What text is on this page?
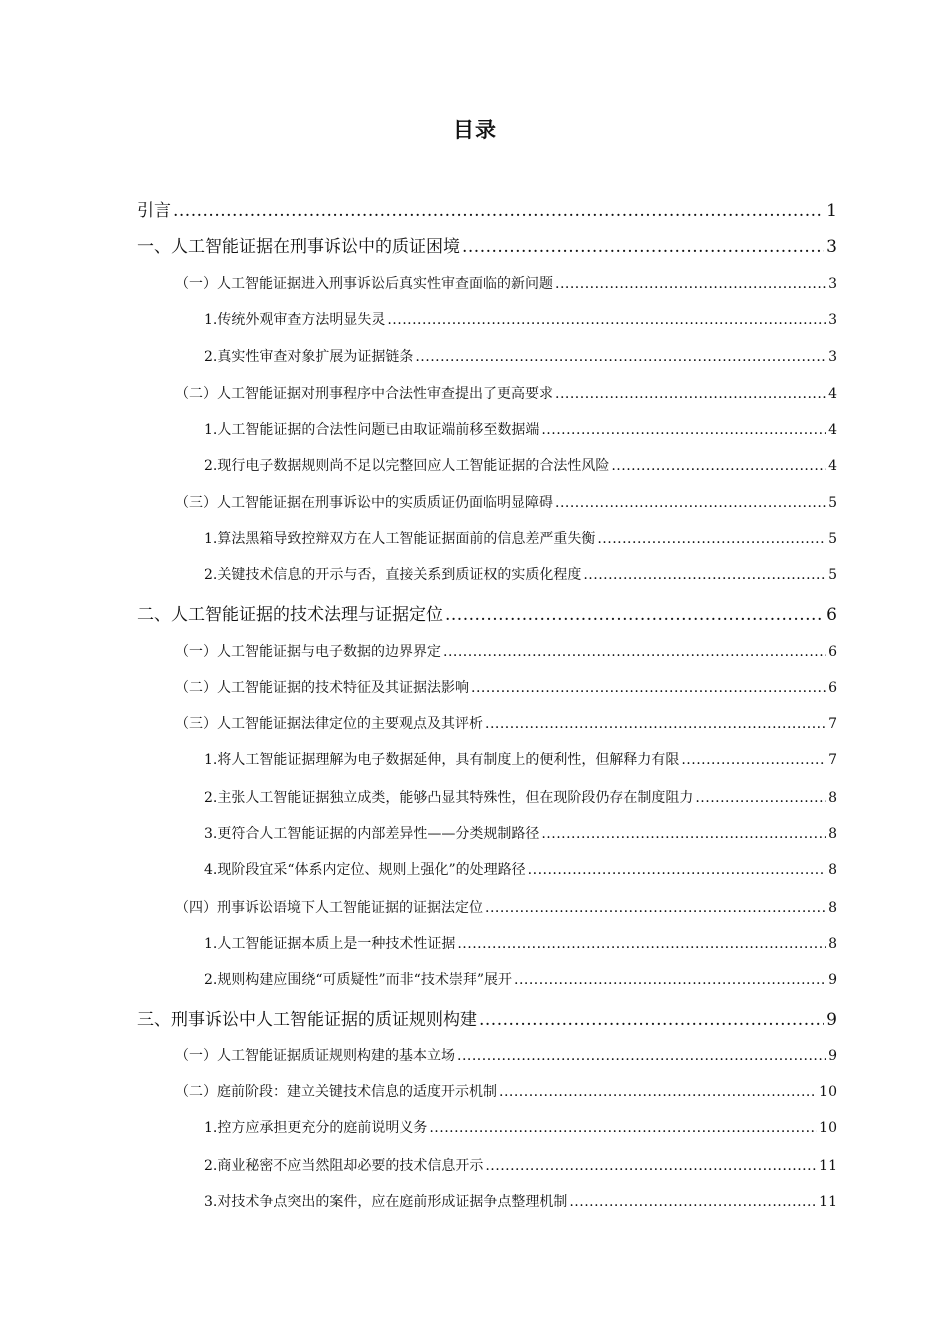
目录
引言 .....	1
一、人工智能证据在刑事诉讼中的质证困境 .....	3
（一）人工智能证据进入刑事诉讼后真实性审查面临的新问题 .....	3
1.传统外观审查方法明显失灵 .....	3
2.真实性审查对象扩展为证据链条 .....	3
（二）人工智能证据对刑事程序中合法性审查提出了更高要求 .....	4
1.人工智能证据的合法性问题已由取证端前移至数据端 .....	4
2.现行电子数据规则尚不足以完整回应人工智能证据的合法性风险 .....	4
（三）人工智能证据在刑事诉讼中的实质质证仍面临明显障碍 .....	5
1.算法黑箱导致控辩双方在人工智能证据面前的信息差严重失衡 .....	5
2.关键技术信息的开示与否，直接关系到质证权的实质化程度 .....	5
二、人工智能证据的技术法理与证据定位 .....	6
（一）人工智能证据与电子数据的边界界定 .....	6
（二）人工智能证据的技术特征及其证据法影响 .....	6
（三）人工智能证据法律定位的主要观点及其评析 .....	7
1.将人工智能证据理解为电子数据延伸，具有制度上的便利性，但解释力有限 .....	7
2.主张人工智能证据独立成类，能够凸显其特殊性，但在现阶段仍存在制度阻力 .....	8
3.更符合人工智能证据的内部差异性——分类规制路径 .....	8
4.现阶段宜采“体系内定位、规则上强化”的处理路径 .....	8
（四）刑事诉讼语境下人工智能证据的证据法定位 .....	8
1.人工智能证据本质上是一种技术性证据 .....	8
2.规则构建应围绕“可质疑性”而非“技术崇拜”展开 .....	9
三、刑事诉讼中人工智能证据的质证规则构建 .....	9
（一）人工智能证据质证规则构建的基本立场 .....	9
（二）庭前阶段：建立关键技术信息的适度开示机制 .....	10
1.控方应承担更充分的庭前说明义务 .....	10
2.商业秘密不应当然阻却必要的技术信息开示 .....	11
3.对技术争点突出的案件，应在庭前形成证据争点整理机制 .....	11
